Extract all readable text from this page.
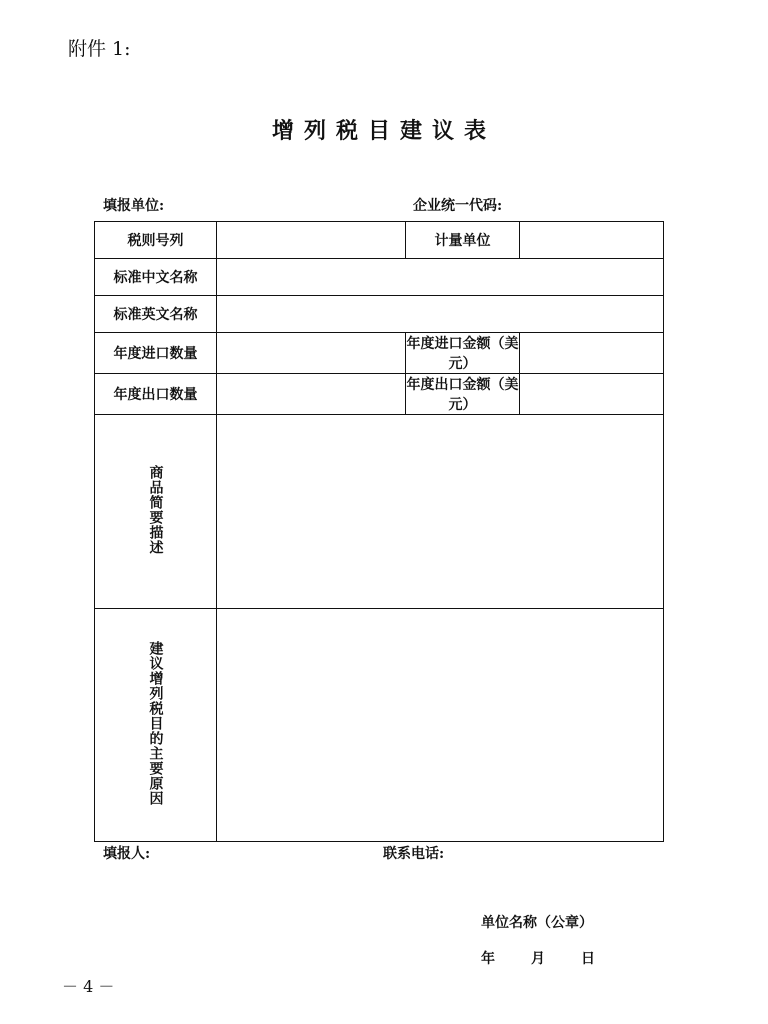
附件 1:
增列税目建议表
填报单位:	企业统一代码:
税则号列		计量单位	
标准中文名称			
标准英文名称			
年度进口数量		年度进口金额（美元）	
年度出口数量		年度出口金额（美元）	
商品简要描述			
建议增列税目的主要原因			
填报人:	联系电话:
单位名称（公章）
年	月	日
－ 4 －
